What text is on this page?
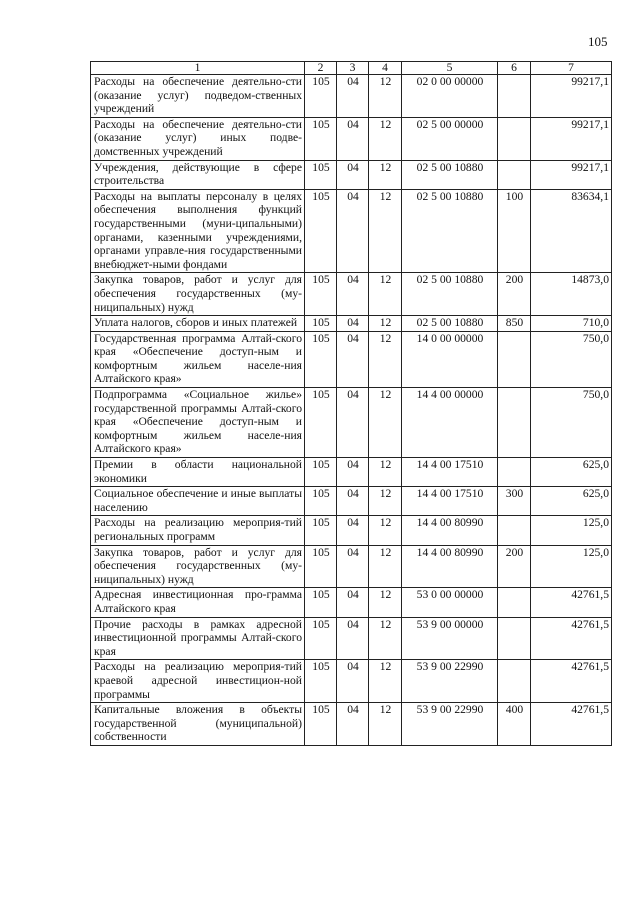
105
1	2	3	4	5	6	7
Расходы на обеспечение деятельно-сти (оказание услуг) подведом-ственных учреждений	105	04	12	02 0 00 00000		99217,1
Расходы на обеспечение деятельно-сти (оказание услуг) иных подве-домственных учреждений	105	04	12	02 5 00 00000		99217,1
Учреждения, действующие в сфере строительства	105	04	12	02 5 00 10880		99217,1
Расходы на выплаты персоналу в целях обеспечения выполнения функций государственными (муни-ципальными) органами, казенными учреждениями, органами управле-ния государственными внебюджет-ными фондами	105	04	12	02 5 00 10880	100	83634,1
Закупка товаров, работ и услуг для обеспечения государственных (му-ниципальных) нужд	105	04	12	02 5 00 10880	200	14873,0
Уплата налогов, сборов и иных платежей	105	04	12	02 5 00 10880	850	710,0
Государственная программа Алтай-ского края «Обеспечение доступ-ным и комфортным жильем населе-ния Алтайского края»	105	04	12	14 0 00 00000		750,0
Подпрограмма «Социальное жилье» государственной программы Алтай-ского края «Обеспечение доступ-ным и комфортным жильем населе-ния Алтайского края»	105	04	12	14 4 00 00000		750,0
Премии в области национальной экономики	105	04	12	14 4 00 17510		625,0
Социальное обеспечение и иные выплаты населению	105	04	12	14 4 00 17510	300	625,0
Расходы на реализацию мероприя-тий региональных программ	105	04	12	14 4 00 80990		125,0
Закупка товаров, работ и услуг для обеспечения государственных (му-ниципальных) нужд	105	04	12	14 4 00 80990	200	125,0
Адресная инвестиционная про-грамма Алтайского края	105	04	12	53 0 00 00000		42761,5
Прочие расходы в рамках адресной инвестиционной программы Алтай-ского края	105	04	12	53 9 00 00000		42761,5
Расходы на реализацию мероприя-тий краевой адресной инвестицион-ной программы	105	04	12	53 9 00 22990		42761,5
Капитальные вложения в объекты государственной (муниципальной) собственности	105	04	12	53 9 00 22990	400	42761,5
